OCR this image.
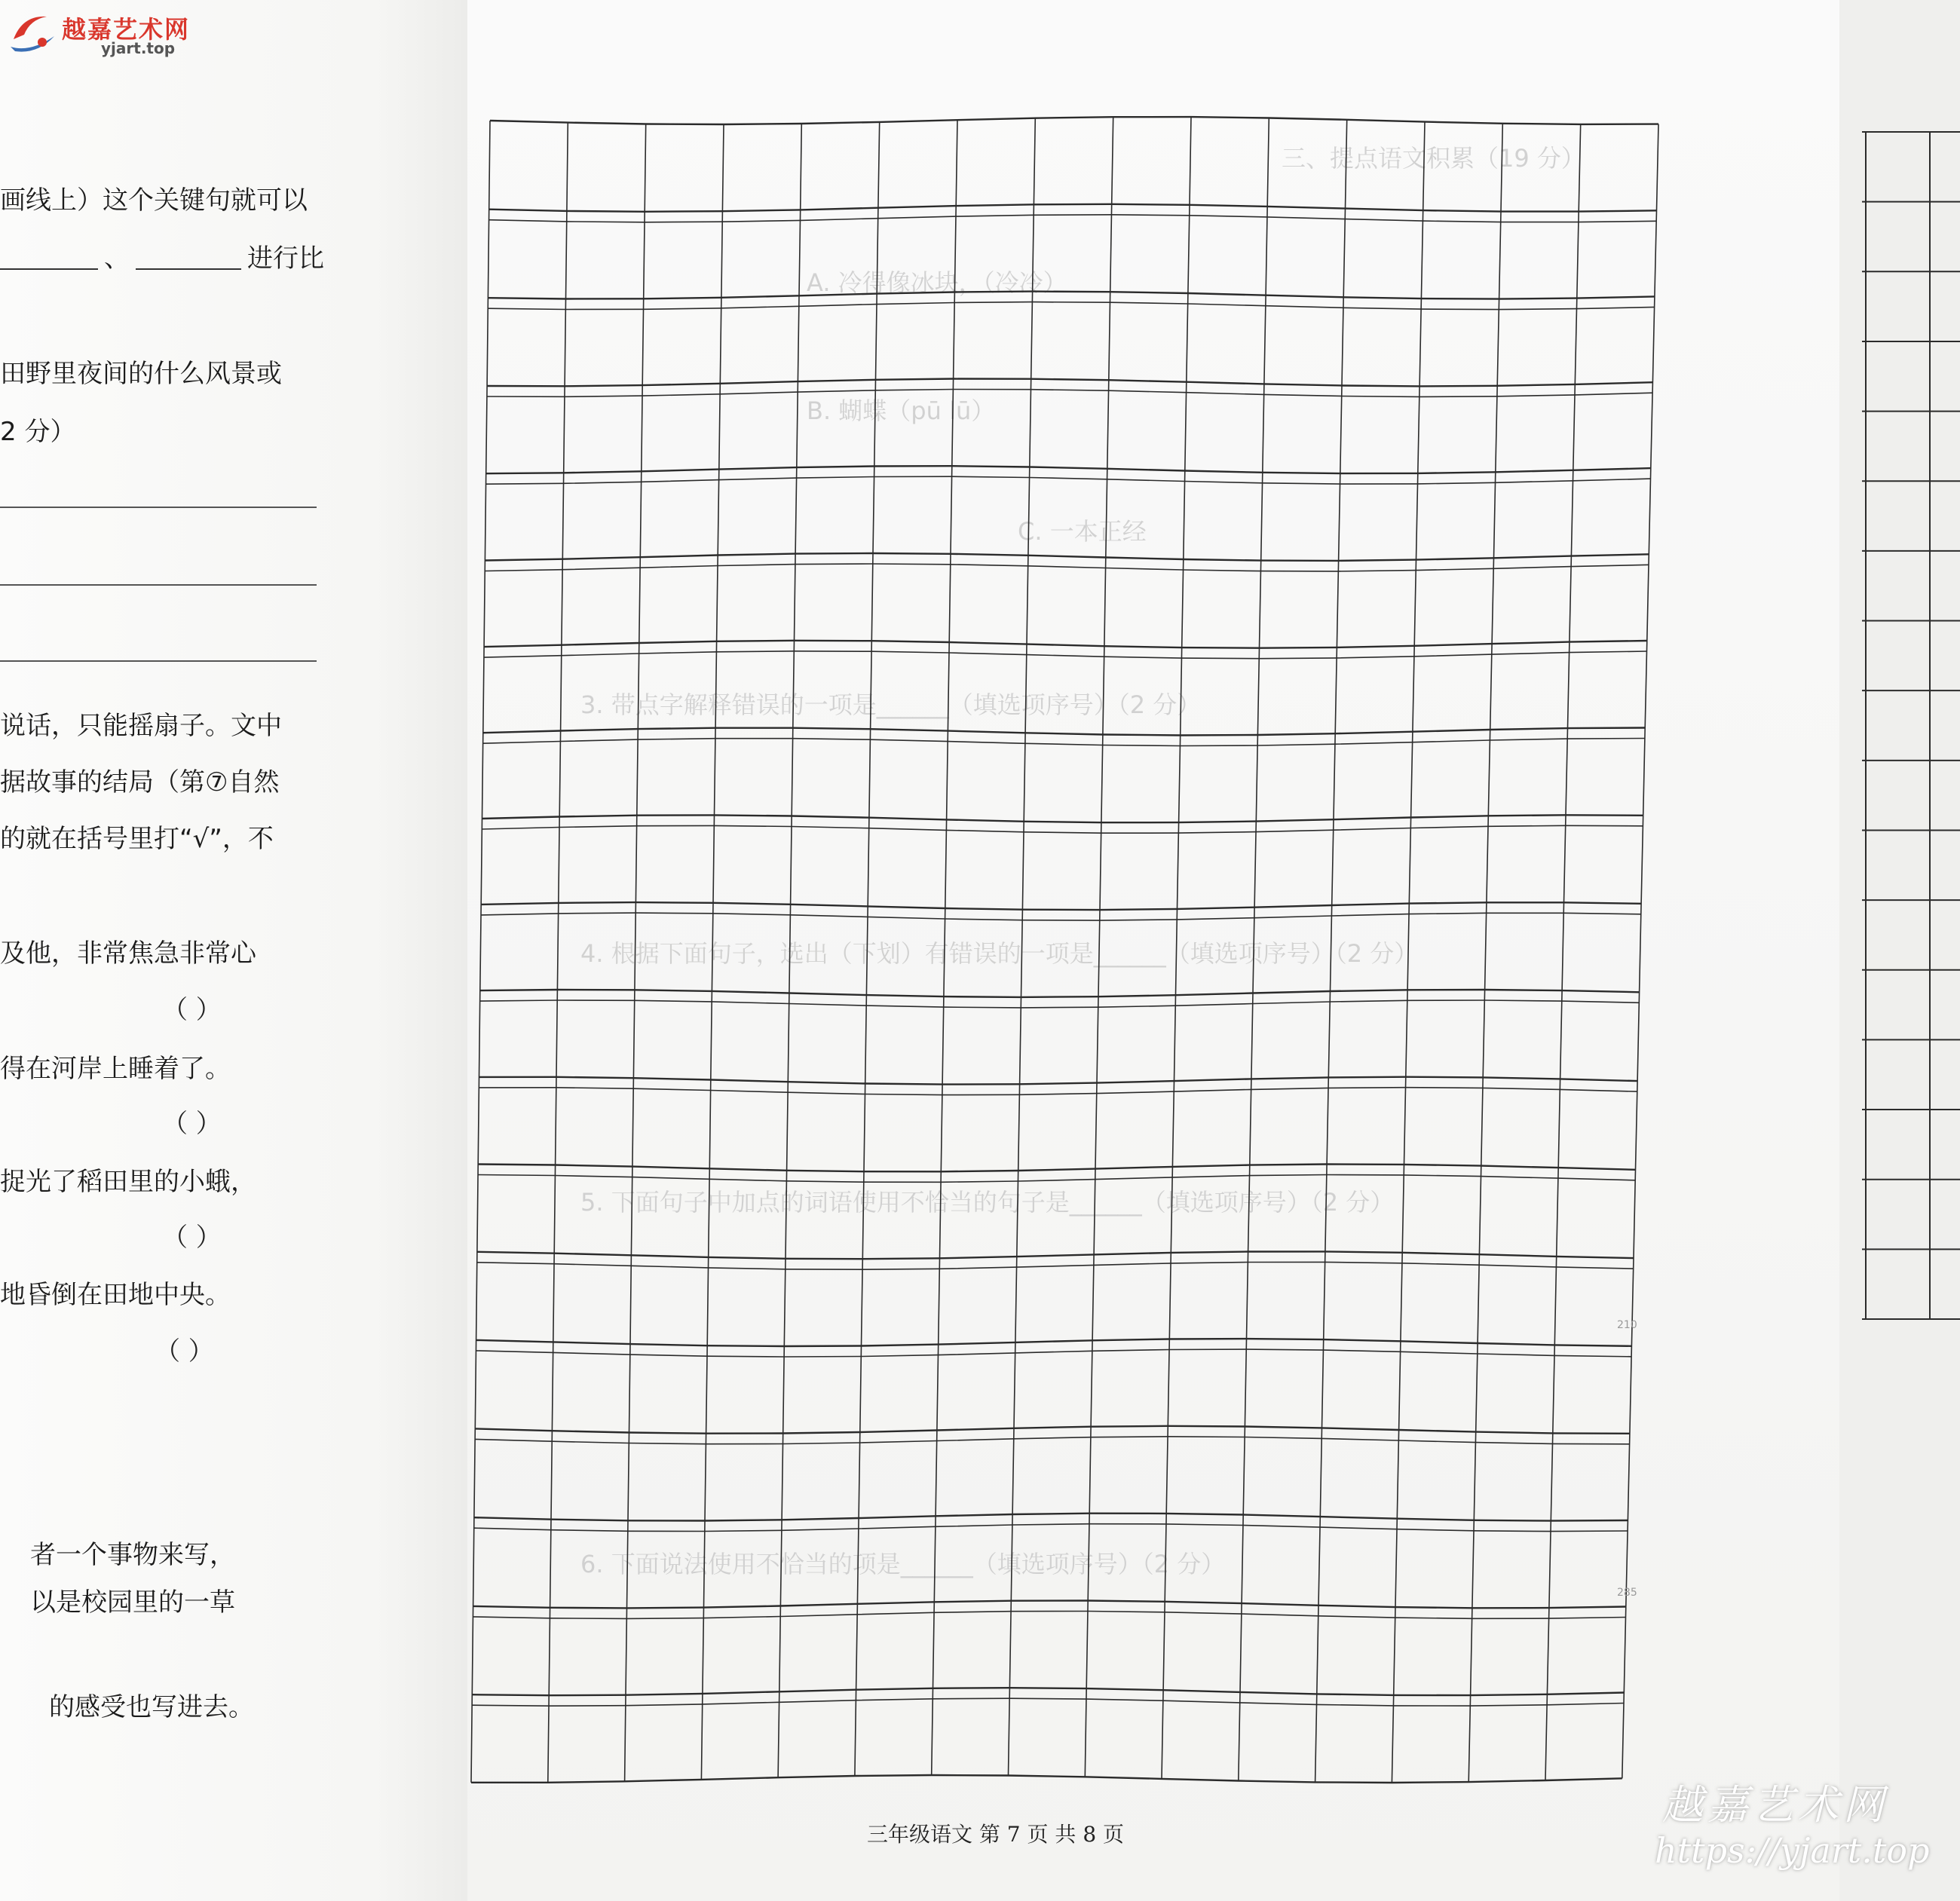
越嘉艺术网
yjart.top
画线上）这个关键句就可以
、	进行比
田野里夜间的什么风景或
2 分）
说话，只能摇扇子。文中
据故事的结局（第⑦自然
的就在括号里打“√”，不
及他，非常焦急非常心
（ ）
得在河岸上睡着了。
（ ）
捉光了稻田里的小蛾，
（ ）
地昏倒在田地中央。
（ ）
者一个事物来写，
以是校园里的一草
的感受也写进去。
三、提点语文积累（19 分）
3. 带点字解释错误的一项是______（填选项序号）（2 分）
4. 根据下面句子，选出（下划）有错误的一项是______（填选项序号）（2 分）
5. 下面句子中加点的词语使用不恰当的句子是______（填选项序号）（2 分）
6. 下面说法使用不恰当的项是______（填选项序号）（2 分）
A. 冷得像冰块，（冷冷）
B. 蝴蝶（pū lū）
C. 一本正经
210
285
三年级语文 第 7 页 共 8 页
越嘉艺术网
https://yjart.top
